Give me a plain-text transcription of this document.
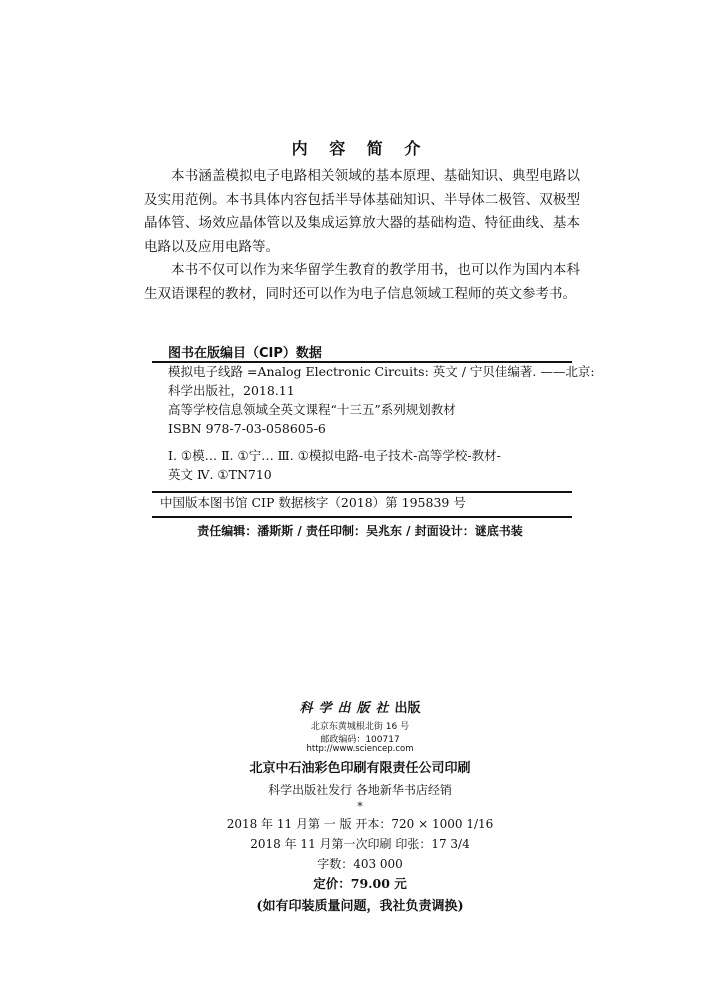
内 容 简 介
本书涵盖模拟电子电路相关领域的基本原理、基础知识、典型电路以及实用范例。本书具体内容包括半导体基础知识、半导体二极管、双极型晶体管、场效应晶体管以及集成运算放大器的基础构造、特征曲线、基本电路以及应用电路等。
本书不仅可以作为来华留学生教育的教学用书，也可以作为国内本科生双语课程的教材，同时还可以作为电子信息领域工程师的英文参考书。
图书在版编目（CIP）数据
模拟电子线路 =Analog Electronic Circuits: 英文 / 宁贝佳编著. ——北京:
科学出版社，2018.11
高等学校信息领域全英文课程“十三五”系列规划教材
ISBN 978-7-03-058605-6
Ⅰ. ①模… Ⅱ. ①宁… Ⅲ. ①模拟电路-电子技术-高等学校-教材-
英文 Ⅳ. ①TN710
中国版本图书馆 CIP 数据核字（2018）第 195839 号
责任编辑：潘斯斯 / 责任印制：吴兆东 / 封面设计：谜底书装
科学出版社出版
北京东黄城根北街 16 号
邮政编码：100717
http://www.sciencep.com
北京中石油彩色印刷有限责任公司印刷
科学出版社发行 各地新华书店经销
*
2018 年 11 月第 一 版 开本：720 × 1000 1/16
2018 年 11 月第一次印刷 印张：17 3/4
字数：403 000
定价：79.00 元
(如有印装质量问题，我社负责调换)
